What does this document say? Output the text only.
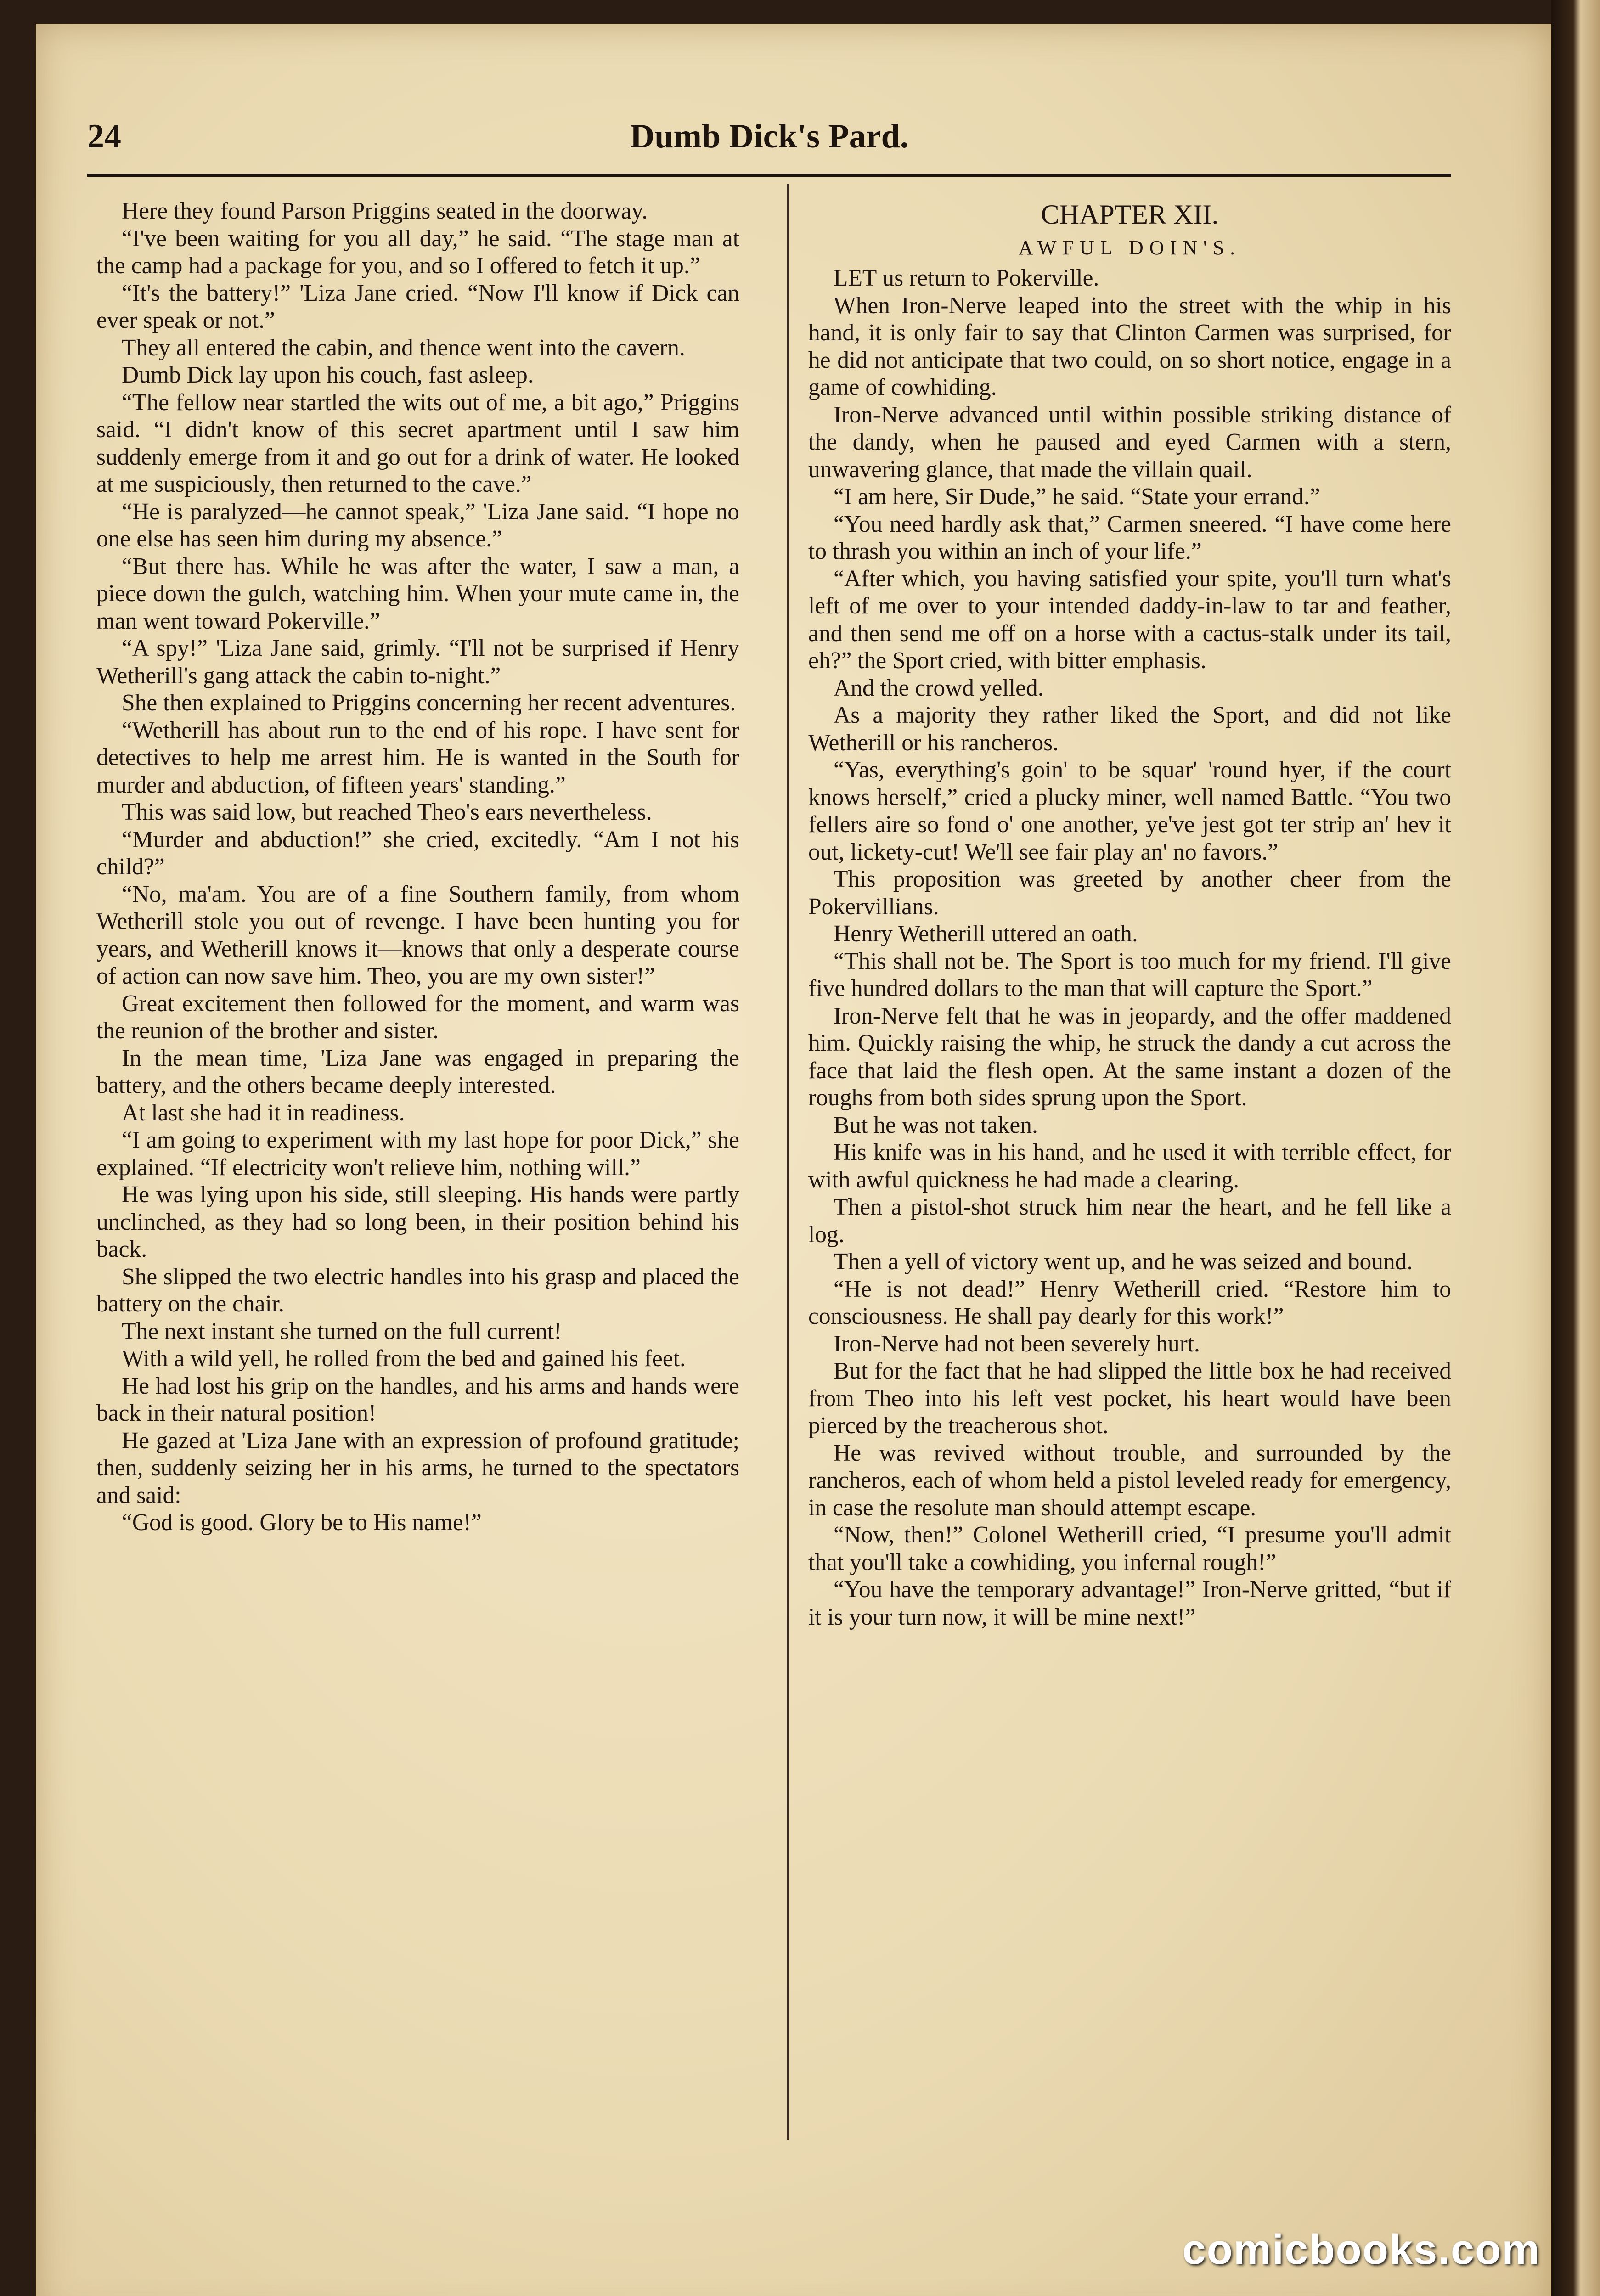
24	Dumb Dick's Pard.

Here they found Parson Priggins seated in the doorway.

“I've been waiting for you all day,” he said. “The stage man at the camp had a package for you, and so I offered to fetch it up.”

“It's the battery!” 'Liza Jane cried. “Now I'll know if Dick can ever speak or not.”

They all entered the cabin, and thence went into the cavern.

Dumb Dick lay upon his couch, fast asleep.

“The fellow near startled the wits out of me, a bit ago,” Priggins said. “I didn't know of this secret apartment until I saw him suddenly emerge from it and go out for a drink of water. He looked at me suspiciously, then returned to the cave.”

“He is paralyzed—he cannot speak,” 'Liza Jane said. “I hope no one else has seen him during my absence.”

“But there has. While he was after the water, I saw a man, a piece down the gulch, watching him. When your mute came in, the man went toward Pokerville.”

“A spy!” 'Liza Jane said, grimly. “I'll not be surprised if Henry Wetherill's gang attack the cabin to-night.”

She then explained to Priggins concerning her recent adventures.

“Wetherill has about run to the end of his rope. I have sent for detectives to help me arrest him. He is wanted in the South for murder and abduction, of fifteen years' standing.”

This was said low, but reached Theo's ears nevertheless.

“Murder and abduction!” she cried, excitedly. “Am I not his child?”

“No, ma'am. You are of a fine Southern family, from whom Wetherill stole you out of revenge. I have been hunting you for years, and Wetherill knows it—knows that only a desperate course of action can now save him. Theo, you are my own sister!”

Great excitement then followed for the moment, and warm was the reunion of the brother and sister.

In the mean time, 'Liza Jane was engaged in preparing the battery, and the others became deeply interested.

At last she had it in readiness.

“I am going to experiment with my last hope for poor Dick,” she explained. “If electricity won't relieve him, nothing will.”

He was lying upon his side, still sleeping. His hands were partly unclinched, as they had so long been, in their position behind his back.

She slipped the two electric handles into his grasp and placed the battery on the chair.

The next instant she turned on the full current!

With a wild yell, he rolled from the bed and gained his feet.

He had lost his grip on the handles, and his arms and hands were back in their natural position!

He gazed at 'Liza Jane with an expression of profound gratitude; then, suddenly seizing her in his arms, he turned to the spectators and said:

“God is good. Glory be to His name!”

CHAPTER XII.

AWFUL DOIN'S.

LET us return to Pokerville.

When Iron-Nerve leaped into the street with the whip in his hand, it is only fair to say that Clinton Carmen was surprised, for he did not anticipate that two could, on so short notice, engage in a game of cowhiding.

Iron-Nerve advanced until within possible striking distance of the dandy, when he paused and eyed Carmen with a stern, unwavering glance, that made the villain quail.

“I am here, Sir Dude,” he said. “State your errand.”

“You need hardly ask that,” Carmen sneered. “I have come here to thrash you within an inch of your life.”

“After which, you having satisfied your spite, you'll turn what's left of me over to your intended daddy-in-law to tar and feather, and then send me off on a horse with a cactus-stalk under its tail, eh?” the Sport cried, with bitter emphasis.

And the crowd yelled.

As a majority they rather liked the Sport, and did not like Wetherill or his rancheros.

“Yas, everything's goin' to be squar' 'round hyer, if the court knows herself,” cried a plucky miner, well named Battle. “You two fellers aire so fond o' one another, ye've jest got ter strip an' hev it out, lickety-cut! We'll see fair play an' no favors.”

This proposition was greeted by another cheer from the Pokervillians.

Henry Wetherill uttered an oath.

“This shall not be. The Sport is too much for my friend. I'll give five hundred dollars to the man that will capture the Sport.”

Iron-Nerve felt that he was in jeopardy, and the offer maddened him. Quickly raising the whip, he struck the dandy a cut across the face that laid the flesh open. At the same instant a dozen of the roughs from both sides sprung upon the Sport.

But he was not taken.

His knife was in his hand, and he used it with terrible effect, for with awful quickness he had made a clearing.

Then a pistol-shot struck him near the heart, and he fell like a log.

Then a yell of victory went up, and he was seized and bound.

“He is not dead!” Henry Wetherill cried. “Restore him to consciousness. He shall pay dearly for this work!”

Iron-Nerve had not been severely hurt.

But for the fact that he had slipped the little box he had received from Theo into his left vest pocket, his heart would have been pierced by the treacherous shot.

He was revived without trouble, and surrounded by the rancheros, each of whom held a pistol leveled ready for emergency, in case the resolute man should attempt escape.

“Now, then!” Colonel Wetherill cried, “I presume you'll admit that you'll take a cowhiding, you infernal rough!”

“You have the temporary advantage!” Iron-Nerve gritted, “but if it is your turn now, it will be mine next!”

comicbooks.com
